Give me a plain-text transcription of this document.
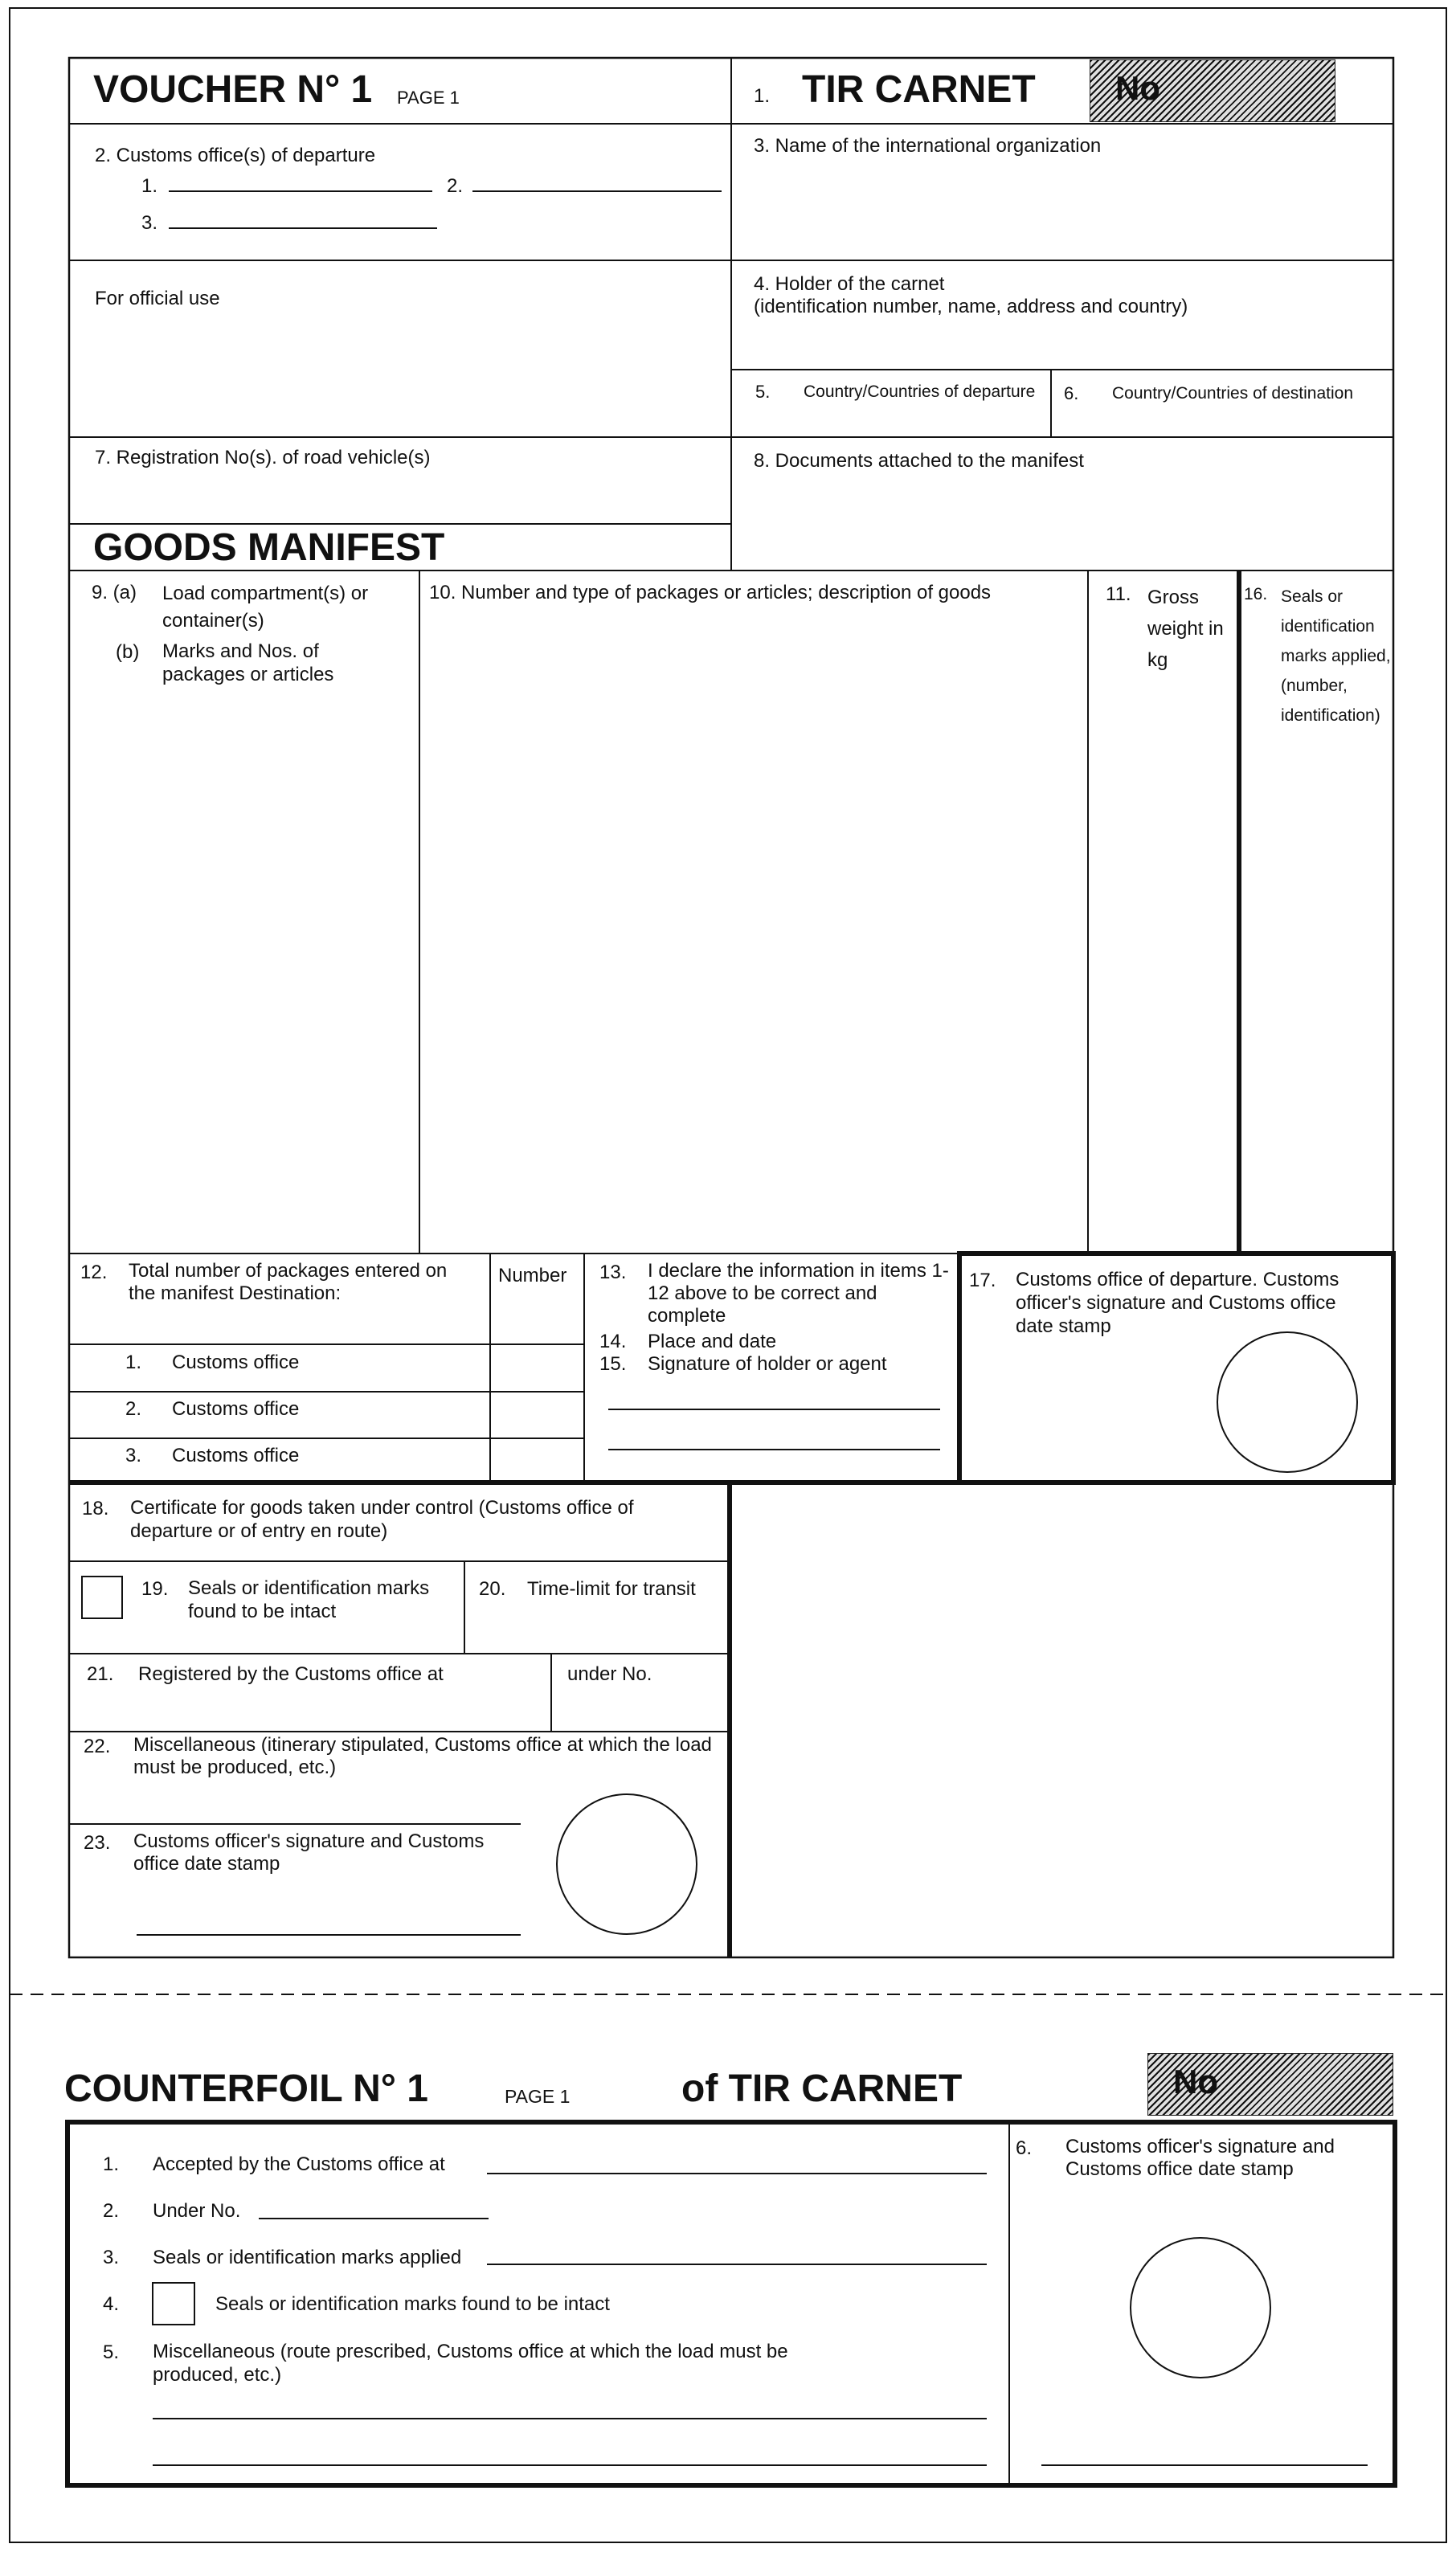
No
No
VOUCHER N° 1 PAGE 1	1. TIR CARNET
2. Customs office(s) of departure
1.	2.
3.
3. Name of the international organization
For official use
4. Holder of the carnet
(identification number, name, address and country)
5. Country/Countries of departure 6. Country/Countries of destination
7. Registration No(s). of road vehicle(s)	8. Documents attached to the manifest
GOODS MANIFEST
9. (a) Load compartment(s) or container(s)
(b) Marks and Nos. of packages or articles
10. Number and type of packages or articles; description of goods	11. Gross weight in kg
16. Seals or identification marks applied, (number, identification)
12. Total number of packages entered on the manifest Destination:
Number
1. Customs office
2. Customs office
3. Customs office
13. I declare the information in items 1-12 above to be correct and complete
14. Place and date
15. Signature of holder or agent
17. Customs office of departure. Customs officer's signature and Customs office date stamp
18. Certificate for goods taken under control (Customs office of departure or of entry en route)
19. Seals or identification marks found to be intact
20. Time-limit for transit
21. Registered by the Customs office at	under No.
22. Miscellaneous (itinerary stipulated, Customs office at which the load must be produced, etc.)
23. Customs officer's signature and Customs office date stamp
COUNTERFOIL N° 1	PAGE 1	of TIR CARNET
1. Accepted by the Customs office at
2. Under No.
3. Seals or identification marks applied
4.	Seals or identification marks found to be intact
5. Miscellaneous (route prescribed, Customs office at which the load must be produced, etc.)
6. Customs officer's signature and Customs office date stamp
